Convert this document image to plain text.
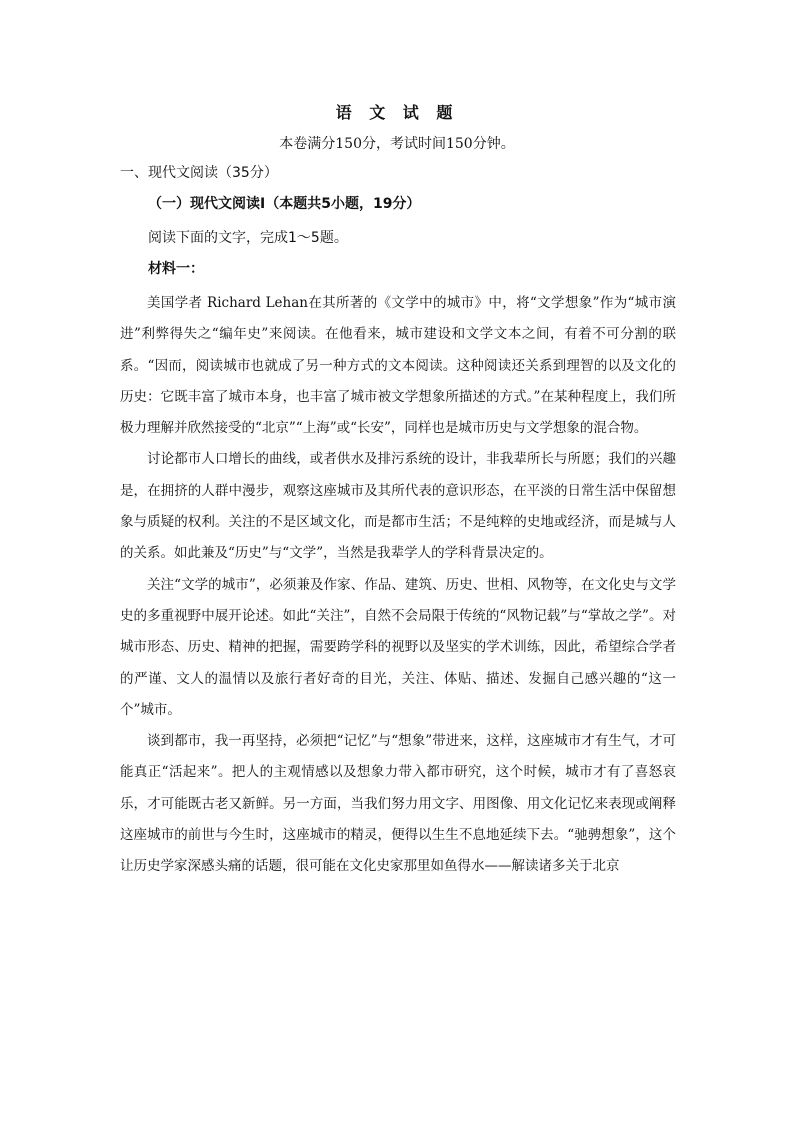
语 文 试 题
本卷满分150分，考试时间150分钟。
一、现代文阅读（35分）
（一）现代文阅读Ⅰ（本题共5小题，19分）
阅读下面的文字，完成1～5题。
材料一：

美国学者 Richard Lehan在其所著的《文学中的城市》中，将“文学想象”作为“城市演进”利弊得失之“编年史”来阅读。在他看来，城市建设和文学文本之间，有着不可分割的联系。“因而，阅读城市也就成了另一种方式的文本阅读。这种阅读还关系到理智的以及文化的历史：它既丰富了城市本身，也丰富了城市被文学想象所描述的方式。”在某种程度上，我们所极力理解并欣然接受的“北京”“上海”或“长安”，同样也是城市历史与文学想象的混合物。

讨论都市人口增长的曲线，或者供水及排污系统的设计，非我辈所长与所愿；我们的兴趣是，在拥挤的人群中漫步，观察这座城市及其所代表的意识形态，在平淡的日常生活中保留想象与质疑的权利。关注的不是区域文化，而是都市生活；不是纯粹的史地或经济，而是城与人的关系。如此兼及“历史”与“文学”，当然是我辈学人的学科背景决定的。

关注“文学的城市”，必须兼及作家、作品、建筑、历史、世相、风物等，在文化史与文学史的多重视野中展开论述。如此“关注”，自然不会局限于传统的“风物记载”与“掌故之学”。对城市形态、历史、精神的把握，需要跨学科的视野以及坚实的学术训练，因此，希望综合学者的严谨、文人的温情以及旅行者好奇的目光，关注、体贴、描述、发掘自己感兴趣的“这一个”城市。

谈到都市，我一再坚持，必须把“记忆”与“想象”带进来，这样，这座城市才有生气，才可能真正“活起来”。把人的主观情感以及想象力带入都市研究，这个时候，城市才有了喜怒哀乐，才可能既古老又新鲜。另一方面，当我们努力用文字、用图像、用文化记忆来表现或阐释这座城市的前世与今生时，这座城市的精灵，便得以生生不息地延续下去。“驰骋想象”，这个让历史学家深感头痛的话题，很可能在文化史家那里如鱼得水——解读诸多关于北京
